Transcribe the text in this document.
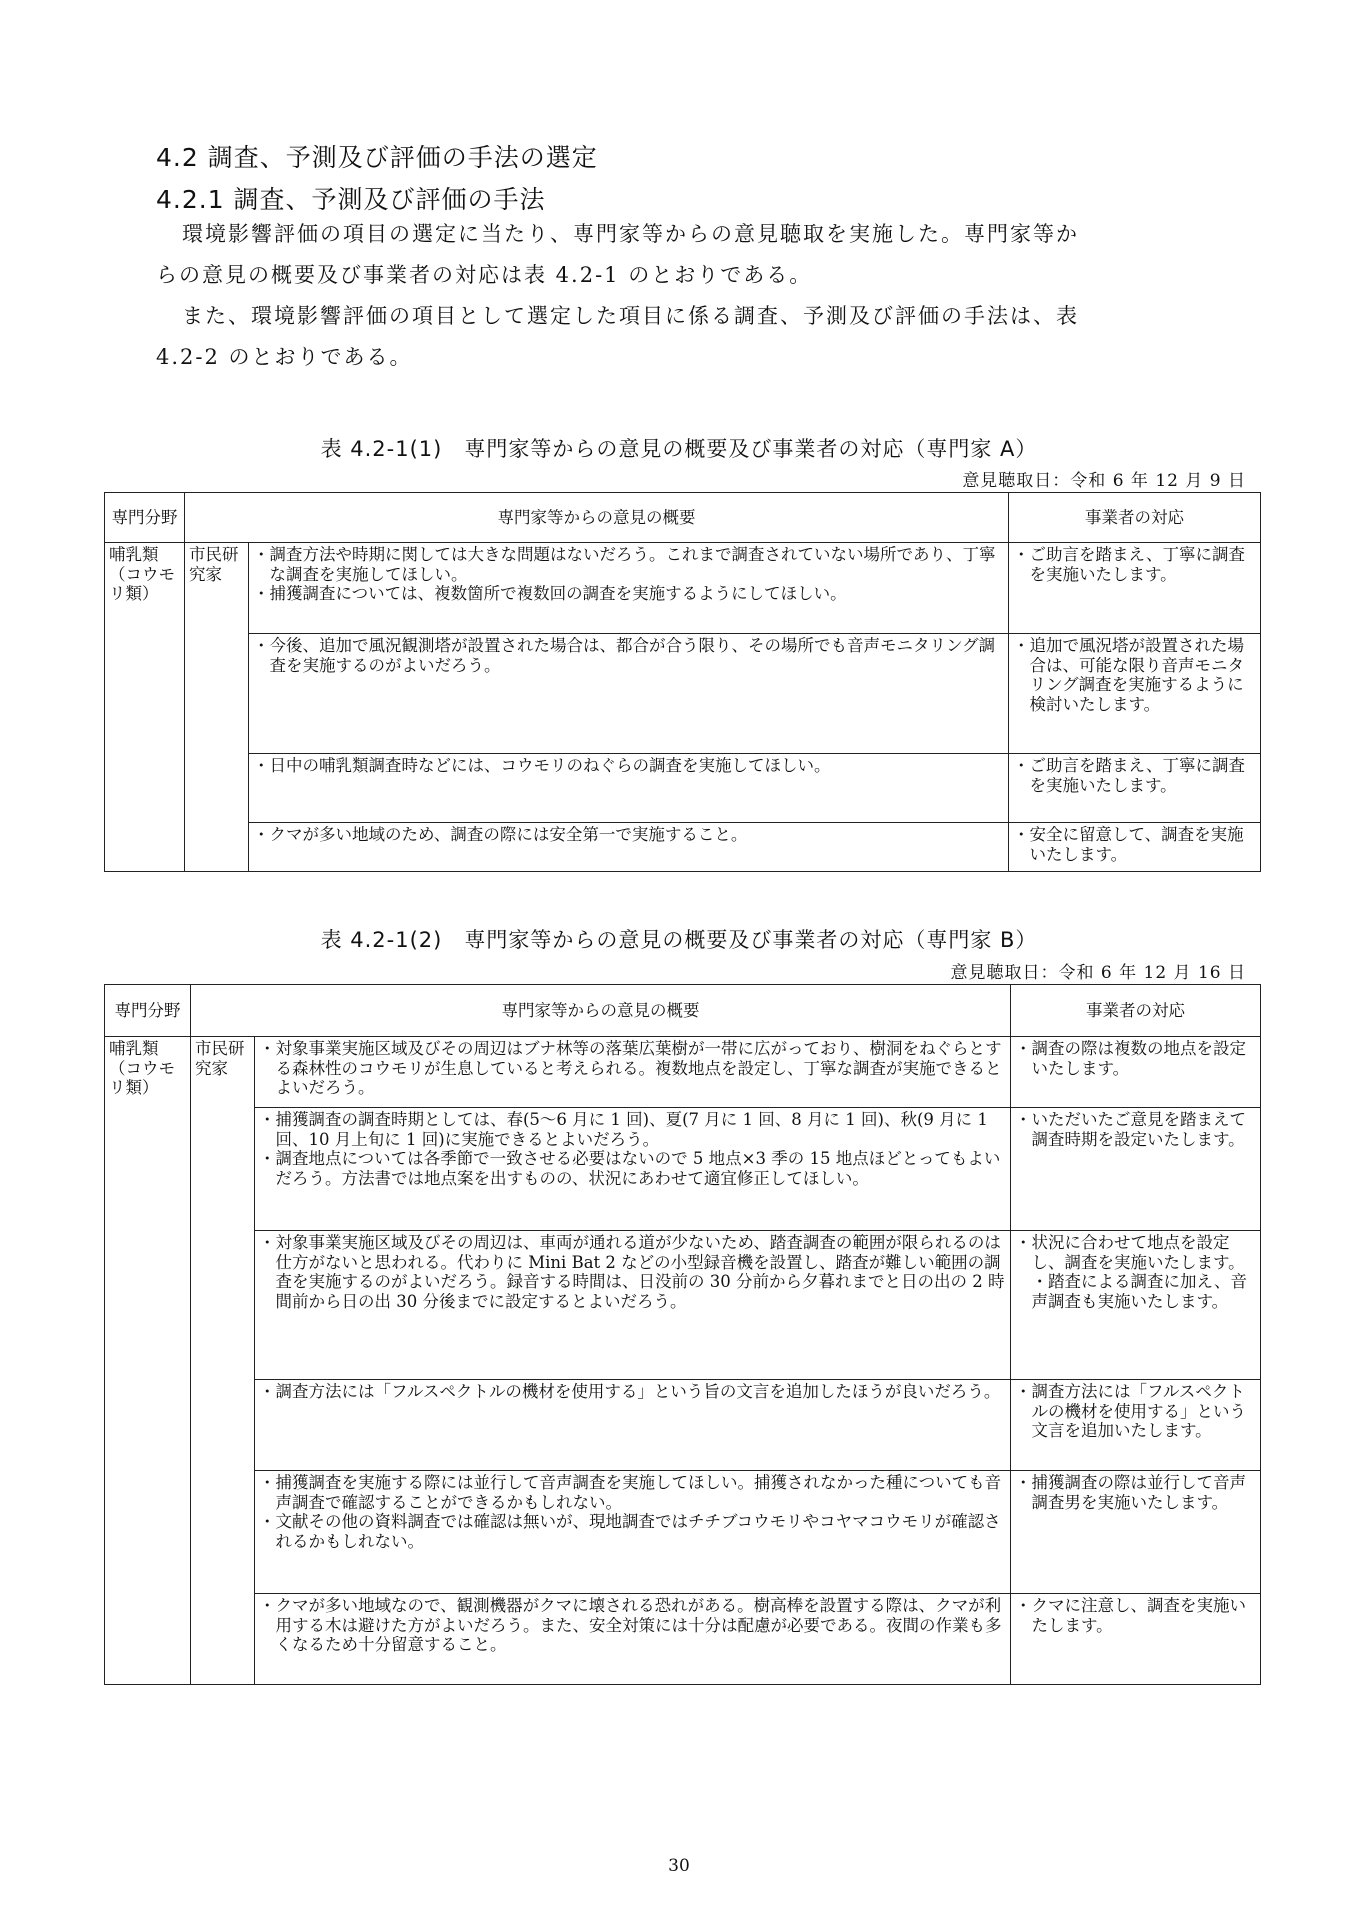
4.2 調査、予測及び評価の手法の選定
4.2.1 調査、予測及び評価の手法
環境影響評価の項目の選定に当たり、専門家等からの意見聴取を実施した。専門家等か
らの意見の概要及び事業者の対応は表 4.2-1 のとおりである。
また、環境影響評価の項目として選定した項目に係る調査、予測及び評価の手法は、表
4.2-2 のとおりである。
表 4.2-1(1)　専門家等からの意見の概要及び事業者の対応（専門家 A）
意見聴取日：令和 6 年 12 月 9 日
専門分野	専門家等からの意見の概要		事業者の対応
哺乳類（コウモリ類）	市民研究家	・調査方法や時期に関しては大きな問題はないだろう。これまで調査されていない場所であり、丁寧な調査を実施してほしい。
・捕獲調査については、複数箇所で複数回の調査を実施するようにしてほしい。	・ご助言を踏まえ、丁寧に調査を実施いたします。

		・今後、追加で風況観測塔が設置された場合は、都合が合う限り、その場所でも音声モニタリング調査を実施するのがよいだろう。	・追加で風況塔が設置された場合は、可能な限り音声モニタリング調査を実施するように検討いたします。

		・日中の哺乳類調査時などには、コウモリのねぐらの調査を実施してほしい。	・ご助言を踏まえ、丁寧に調査を実施いたします。

		・クマが多い地域のため、調査の際には安全第一で実施すること。	・安全に留意して、調査を実施いたします。
表 4.2-1(2)　専門家等からの意見の概要及び事業者の対応（専門家 B）
意見聴取日：令和 6 年 12 月 16 日
専門分野	専門家等からの意見の概要		事業者の対応
哺乳類（コウモリ類）	市民研究家	・対象事業実施区域及びその周辺はブナ林等の落葉広葉樹が一帯に広がっており、樹洞をねぐらとする森林性のコウモリが生息していると考えられる。複数地点を設定し、丁寧な調査が実施できるとよいだろう。	・調査の際は複数の地点を設定いたします。

		・捕獲調査の調査時期としては、春(5～6 月に 1 回)、夏(7 月に 1 回、8 月に 1 回)、秋(9 月に 1 回、10 月上旬に 1 回)に実施できるとよいだろう。
・調査地点については各季節で一致させる必要はないので 5 地点×3 季の 15 地点ほどとってもよいだろう。方法書では地点案を出すものの、状況にあわせて適宜修正してほしい。	・いただいたご意見を踏まえて調査時期を設定いたします。

		・対象事業実施区域及びその周辺は、車両が通れる道が少ないため、踏査調査の範囲が限られるのは仕方がないと思われる。代わりに Mini Bat 2 などの小型録音機を設置し、踏査が難しい範囲の調査を実施するのがよいだろう。録音する時間は、日没前の 30 分前から夕暮れまでと日の出の 2 時間前から日の出 30 分後までに設定するとよいだろう。	・状況に合わせて地点を設定し、調査を実施いたします。
・踏査による調査に加え、音声調査も実施いたします。

		・調査方法には「フルスペクトルの機材を使用する」という旨の文言を追加したほうが良いだろう。	・調査方法には「フルスペクトルの機材を使用する」という文言を追加いたします。

		・捕獲調査を実施する際には並行して音声調査を実施してほしい。捕獲されなかった種についても音声調査で確認することができるかもしれない。
・文献その他の資料調査では確認は無いが、現地調査ではチチブコウモリやコヤマコウモリが確認されるかもしれない。	・捕獲調査の際は並行して音声調査男を実施いたします。

		・クマが多い地域なので、観測機器がクマに壊される恐れがある。樹高棒を設置する際は、クマが利用する木は避けた方がよいだろう。また、安全対策には十分は配慮が必要である。夜間の作業も多くなるため十分留意すること。	・クマに注意し、調査を実施いたします。
30
